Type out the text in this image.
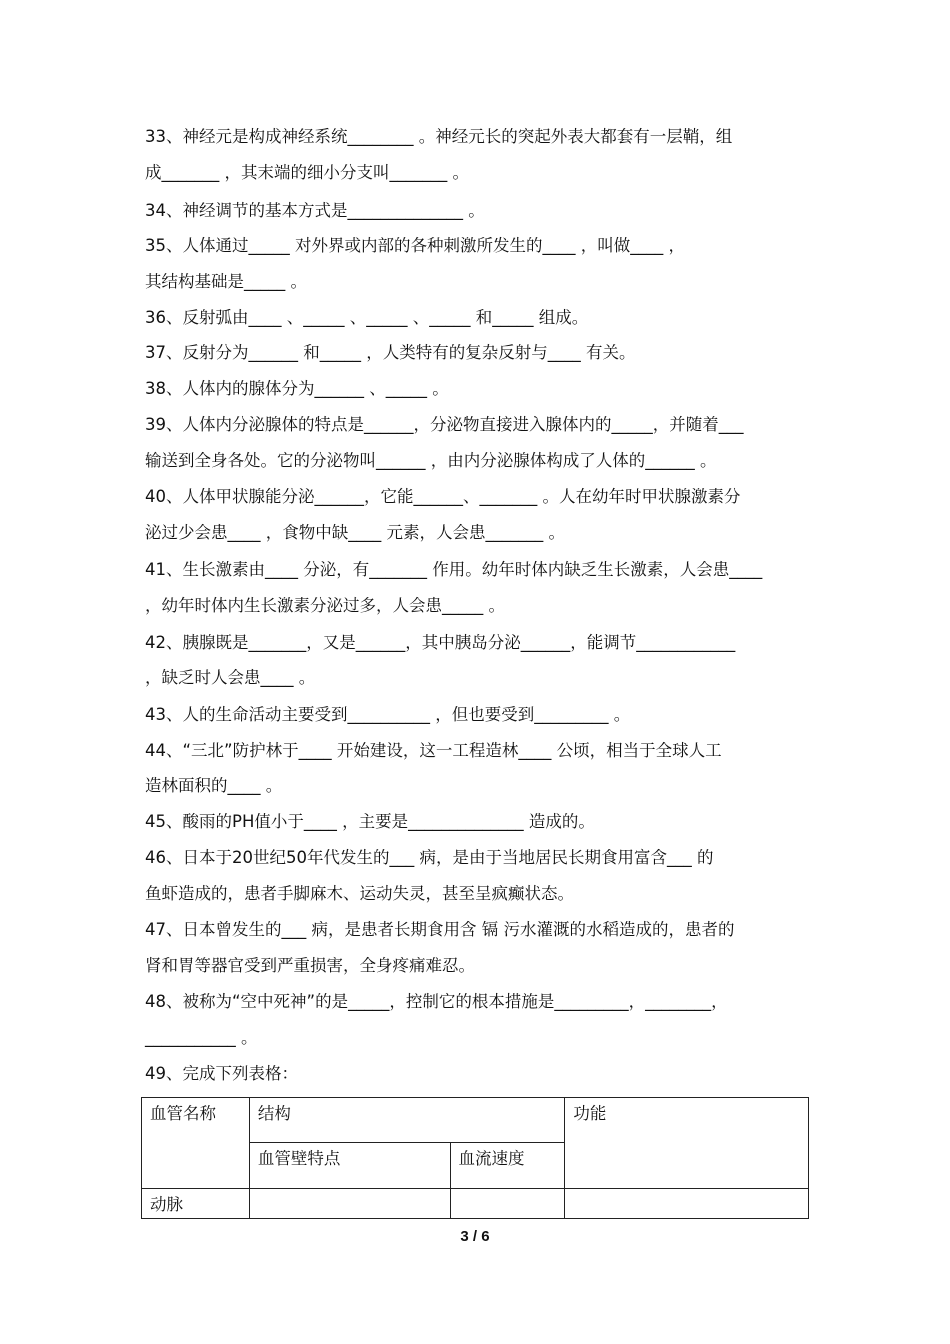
33、神经元是构成神经系统________ 。神经元长的突起外表大都套有一层鞘，组
成_______ ，其末端的细小分支叫_______ 。
34、神经调节的基本方式是______________ 。
35、人体通过_____ 对外界或内部的各种刺激所发生的____ ，叫做____ ，
其结构基础是_____ 。
36、反射弧由____ 、_____ 、_____ 、_____ 和_____ 组成。
37、反射分为______ 和_____ ，人类特有的复杂反射与____ 有关。
38、人体内的腺体分为______ 、_____ 。
39、人体内分泌腺体的特点是______，分泌物直接进入腺体内的_____，并随着___
输送到全身各处。它的分泌物叫______ ，由内分泌腺体构成了人体的______ 。
40、人体甲状腺能分泌______，它能______、_______ 。人在幼年时甲状腺激素分
泌过少会患____ ，食物中缺____ 元素，人会患_______ 。
41、生长激素由____ 分泌，有_______ 作用。幼年时体内缺乏生长激素，人会患____
，幼年时体内生长激素分泌过多，人会患_____ 。
42、胰腺既是_______，又是______，其中胰岛分泌______，能调节____________
，缺乏时人会患____ 。
43、人的生命活动主要受到__________ ，但也要受到_________ 。
44、“三北”防护林于____ 开始建设，这一工程造林____ 公顷，相当于全球人工
造林面积的____ 。
45、酸雨的PH值小于____ ，主要是______________ 造成的。
46、日本于20世纪50年代发生的___ 病，是由于当地居民长期食用富含___ 的
鱼虾造成的，患者手脚麻木、运动失灵，甚至呈疯癫状态。
47、日本曾发生的___ 病，是患者长期食用含 镉 污水灌溉的水稻造成的，患者的
肾和胃等器官受到严重损害，全身疼痛难忍。
48、被称为“空中死神”的是_____，控制它的根本措施是_________，________，
___________ 。
49、完成下列表格：
血管名称	结构		功能
	血管壁特点	血流速度	
动脉			
3 / 6
